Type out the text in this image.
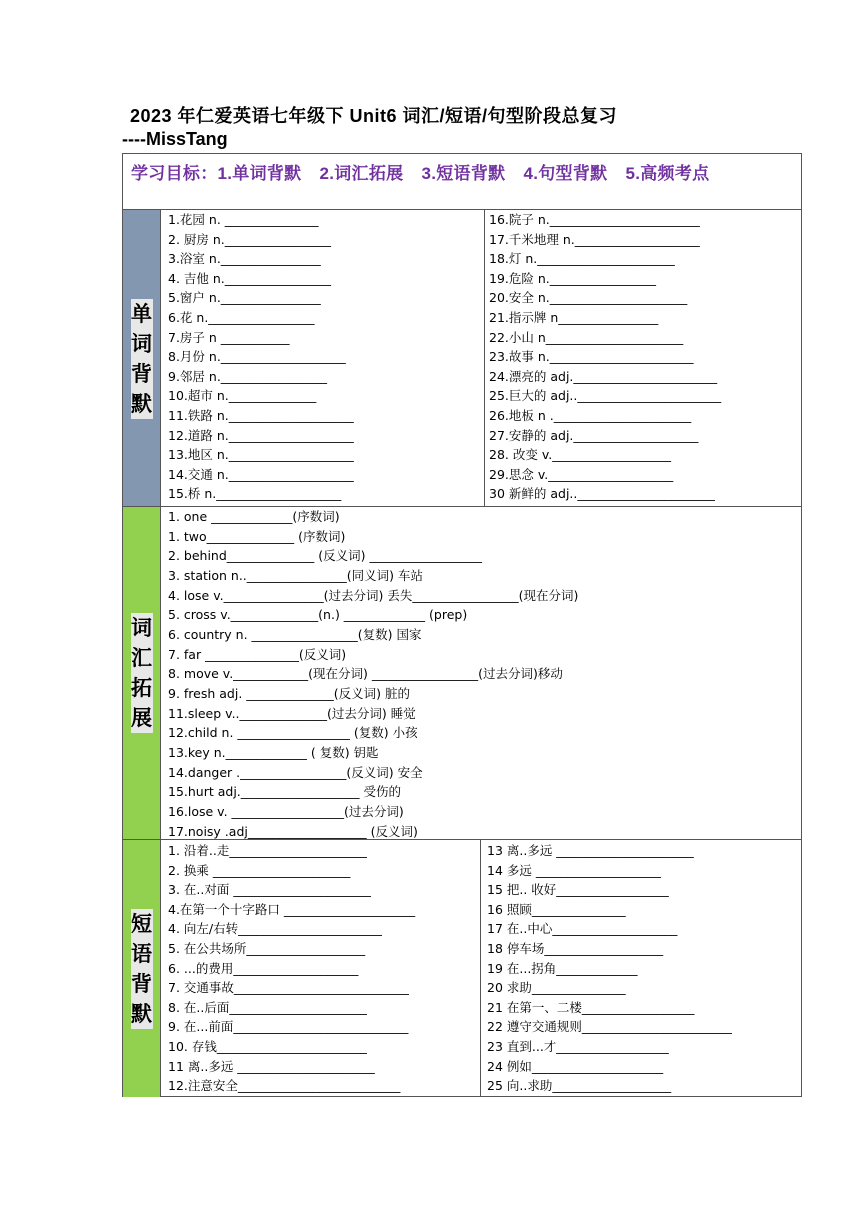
2023 年仁爱英语七年级下 Unit6 词汇/短语/句型阶段总复习
----MissTang
学习目标：1.单词背默 2.词汇拓展 3.短语背默 4.句型背默 5.高频考点
单词背默
词汇拓展
短语背默
1.花园 n. _______________
2. 厨房 n._________________
3.浴室 n.________________
4. 吉他 n._________________
5.窗户 n.________________
6.花 n._________________
7.房子 n ___________
8.月份 n.____________________
9.邻居 n._________________
10.超市 n.______________
11.铁路 n.____________________
12.道路 n.____________________
13.地区 n.____________________
14.交通 n.____________________
15.桥 n.____________________
16.院子 n.________________________
17.千米地理 n.____________________
18.灯 n.______________________
19.危险 n._________________
20.安全 n.______________________
21.指示牌 n________________
22.小山 n______________________
23.故事 n._______________________
24.漂亮的 adj._______________________
25.巨大的 adj.._______________________
26.地板 n .______________________
27.安静的 adj.____________________
28. 改变 v.___________________
29.思念 v.____________________
30 新鲜的 adj..______________________
1. one _____________(序数词)
1. two______________ (序数词)
2. behind______________ (反义词) __________________
3. station n..________________(同义词) 车站
4. lose v.________________(过去分词) 丢失_________________(现在分词)
5. cross v.______________(n.) _____________ (prep)
6. country n. _________________(复数) 国家
7. far _______________(反义词)
8. move v.____________(现在分词) _________________(过去分词)移动
9. fresh adj. ______________(反义词) 脏的
11.sleep v..______________(过去分词) 睡觉
12.child n. __________________ (复数) 小孩
13.key n._____________ ( 复数) 钥匙
14.danger ._________________(反义词) 安全
15.hurt adj.___________________ 受伤的
16.lose v. __________________(过去分词)
17.noisy .adj___________________ (反义词)
1. 沿着..走______________________
2. 换乘 ______________________
3. 在..对面 ______________________
4.在第一个十字路口 _____________________
4. 向左/右转_______________________
5. 在公共场所___________________
6. ...的费用____________________
7. 交通事故____________________________
8. 在..后面______________________
9. 在...前面____________________________
10. 存钱________________________
11 离..多远 ______________________
12.注意安全__________________________
13 离..多远 ______________________
14 多远 ____________________
15 把.. 收好__________________
16 照顾_______________
17 在..中心____________________
18 停车场___________________
19 在...拐角_____________
20 求助_______________
21 在第一、二楼__________________
22 遵守交通规则________________________
23 直到...才__________________
24 例如_____________________
25 向..求助___________________
